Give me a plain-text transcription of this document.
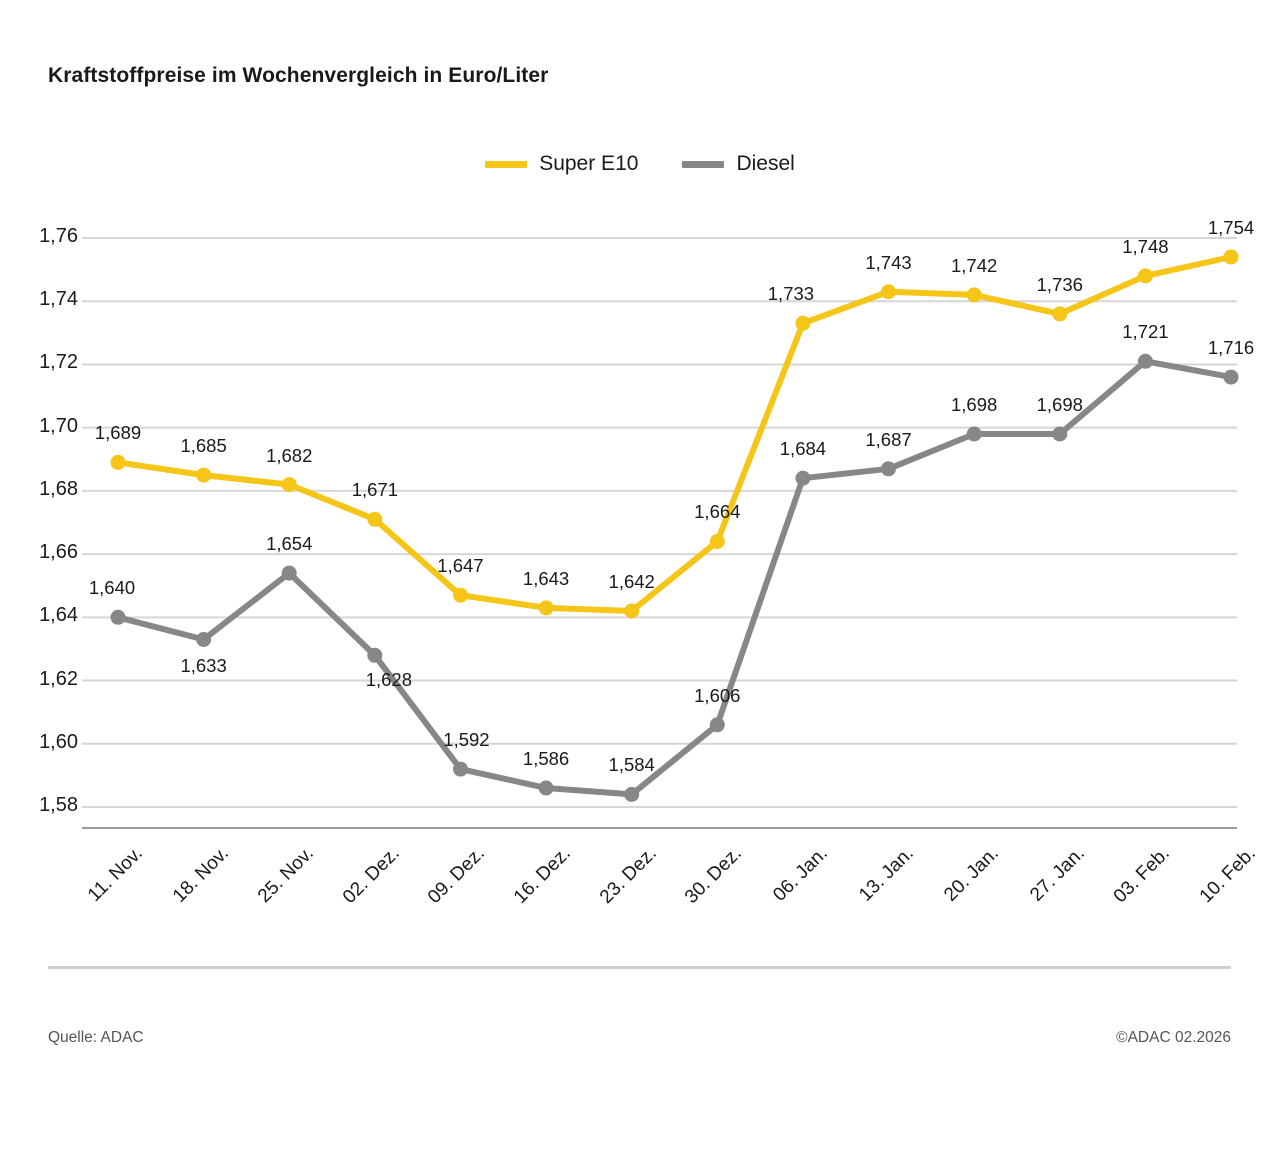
Kraftstoffpreise im Wochenvergleich in Euro/Liter
Super E10	Diesel
1,58
1,60
1,62
1,64
1,66
1,68
1,70
1,72
1,74
1,76
11. Nov. 18. Nov. 25. Nov. 02. Dez. 09. Dez. 16. Dez. 23. Dez. 30. Dez. 06. Jan. 13. Jan. 20. Jan. 27. Jan. 03. Feb. 10. Feb.
1,689
1,685 1,682
1,671
1,647
1,643 1,642
1,664
1,733
1,743 1,742
1,736
1,748
1,754
1,640
1,633
1,654
1,628
1,592
1,586 1,584
1,606
1,684 1,687
1,698 1,698
1,721
1,716
Quelle: ADAC	©ADAC 02.2026
